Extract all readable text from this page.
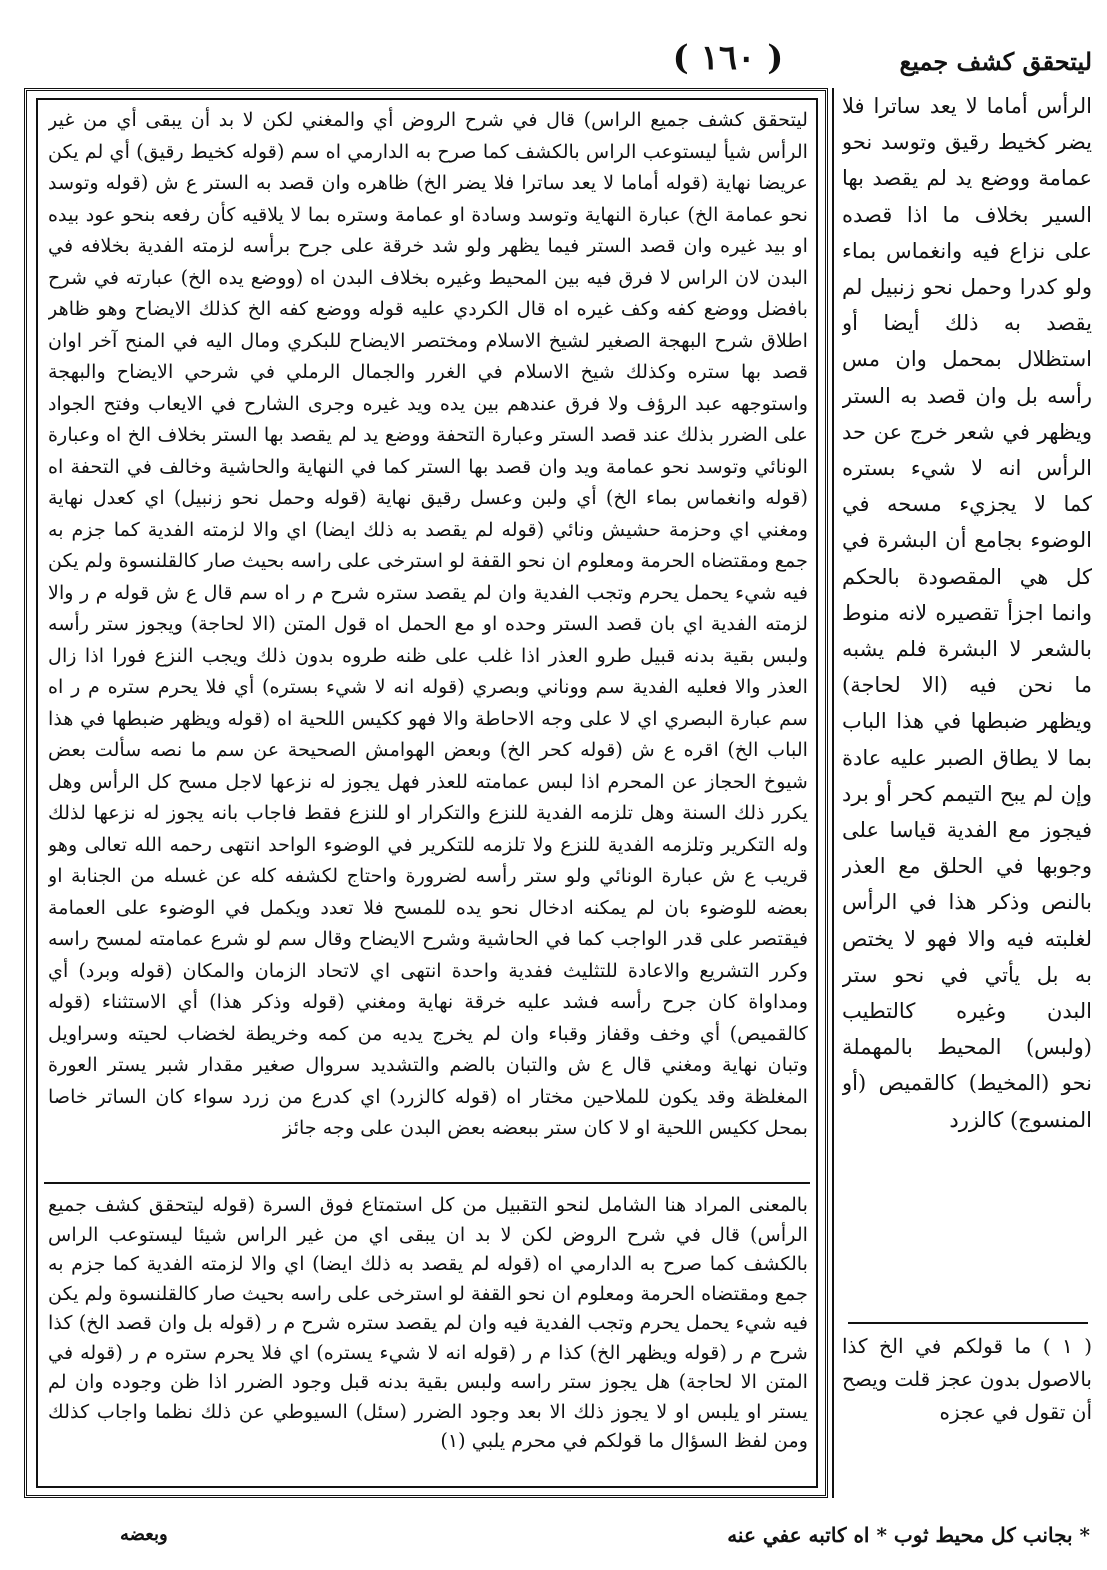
( ١٦٠ )	ليتحقق كشف جميع
ليتحقق كشف جميع الراس) قال في شرح الروض أي والمغني لكن لا بد أن يبقى أي من غير الرأس شيأ ليستوعب الراس بالكشف كما صرح به الدارمي اه سم (قوله كخيط رقيق) أي لم يكن عريضا نهاية (قوله أماما لا يعد ساترا فلا يضر الخ) ظاهره وان قصد به الستر ع ش (قوله وتوسد نحو عمامة الخ) عبارة النهاية وتوسد وسادة او عمامة وستره بما لا يلاقيه كأن رفعه بنحو عود بيده او بيد غيره وان قصد الستر فيما يظهر ولو شد خرقة على جرح برأسه لزمته الفدية بخلافه في البدن لان الراس لا فرق فيه بين المحيط وغيره بخلاف البدن اه (ووضع يده الخ) عبارته في شرح بافضل ووضع كفه وكف غيره اه قال الكردي عليه قوله ووضع كفه الخ كذلك الايضاح وهو ظاهر اطلاق شرح البهجة الصغير لشيخ الاسلام ومختصر الايضاح للبكري ومال اليه في المنح آخر اوان قصد بها ستره وكذلك شيخ الاسلام في الغرر والجمال الرملي في شرحي الايضاح والبهجة واستوجهه عبد الرؤف ولا فرق عندهم بين يده ويد غيره وجرى الشارح في الايعاب وفتح الجواد على الضرر بذلك عند قصد الستر وعبارة التحفة ووضع يد لم يقصد بها الستر بخلاف الخ اه وعبارة الونائي وتوسد نحو عمامة ويد وان قصد بها الستر كما في النهاية والحاشية وخالف في التحفة اه (قوله وانغماس بماء الخ) أي ولبن وعسل رقيق نهاية (قوله وحمل نحو زنبيل) اي كعدل نهاية ومغني اي وحزمة حشيش ونائي (قوله لم يقصد به ذلك ايضا) اي والا لزمته الفدية كما جزم به جمع ومقتضاه الحرمة ومعلوم ان نحو القفة لو استرخى على راسه بحيث صار كالقلنسوة ولم يكن فيه شيء يحمل يحرم وتجب الفدية وان لم يقصد ستره شرح م ر اه سم قال ع ش قوله م ر والا لزمته الفدية اي بان قصد الستر وحده او مع الحمل اه قول المتن (الا لحاجة) ويجوز ستر رأسه ولبس بقية بدنه قبيل طرو العذر اذا غلب على ظنه طروه بدون ذلك ويجب النزع فورا اذا زال العذر والا فعليه الفدية سم ووناني وبصري (قوله انه لا شيء بستره) أي فلا يحرم ستره م ر اه سم عبارة البصري اي لا على وجه الاحاطة والا فهو ككيس اللحية اه (قوله ويظهر ضبطها في هذا الباب الخ) اقره ع ش (قوله كحر الخ) وبعض الهوامش الصحيحة عن سم ما نصه سألت بعض شيوخ الحجاز عن المحرم اذا لبس عمامته للعذر فهل يجوز له نزعها لاجل مسح كل الرأس وهل يكرر ذلك السنة وهل تلزمه الفدية للنزع والتكرار او للنزع فقط فاجاب بانه يجوز له نزعها لذلك وله التكرير وتلزمه الفدية للنزع ولا تلزمه للتكرير في الوضوء الواحد انتهى رحمه الله تعالى وهو قريب ع ش عبارة الونائي ولو ستر رأسه لضرورة واحتاج لكشفه كله عن غسله من الجنابة او بعضه للوضوء بان لم يمكنه ادخال نحو يده للمسح فلا تعدد ويكمل في الوضوء على العمامة فيقتصر على قدر الواجب كما في الحاشية وشرح الايضاح وقال سم لو شرع عمامته لمسح راسه وكرر التشريع والاعادة للتثليث ففدية واحدة انتهى اي لاتحاد الزمان والمكان (قوله وبرد) أي ومداواة كان جرح رأسه فشد عليه خرقة نهاية ومغني (قوله وذكر هذا) أي الاستثناء (قوله كالقميص) أي وخف وقفاز وقباء وان لم يخرج يديه من كمه وخريطة لخضاب لحيته وسراويل وتبان نهاية ومغني قال ع ش والتبان بالضم والتشديد سروال صغير مقدار شبر يستر العورة المغلظة وقد يكون للملاحين مختار اه (قوله كالزرد) اي كدرع من زرد سواء كان الساتر خاصا بمحل ككيس اللحية او لا كان ستر ببعضه بعض البدن على وجه جائز
بالمعنى المراد هنا الشامل لنحو التقبيل من كل استمتاع فوق السرة (قوله ليتحقق كشف جميع الرأس) قال في شرح الروض لكن لا بد ان يبقى اي من غير الراس شيئا ليستوعب الراس بالكشف كما صرح به الدارمي اه (قوله لم يقصد به ذلك ايضا) اي والا لزمته الفدية كما جزم به جمع ومقتضاه الحرمة ومعلوم ان نحو القفة لو استرخى على راسه بحيث صار كالقلنسوة ولم يكن فيه شيء يحمل يحرم وتجب الفدية فيه وان لم يقصد ستره شرح م ر (قوله بل وان قصد الخ) كذا شرح م ر (قوله ويظهر الخ) كذا م ر (قوله انه لا شيء يستره) اي فلا يحرم ستره م ر (قوله في المتن الا لحاجة) هل يجوز ستر راسه ولبس بقية بدنه قبل وجود الضرر اذا ظن وجوده وان لم يستر او يلبس او لا يجوز ذلك الا بعد وجود الضرر (سئل) السيوطي عن ذلك نظما واجاب كذلك ومن لفظ السؤال ما قولكم في محرم يلبي (١)
الرأس أماما لا يعد ساترا فلا يضر كخيط رقيق وتوسد نحو عمامة ووضع يد لم يقصد بها السير بخلاف ما اذا قصده على نزاع فيه وانغماس بماء ولو كدرا وحمل نحو زنبيل لم يقصد به ذلك أيضا أو استظلال بمحمل وان مس رأسه بل وان قصد به الستر ويظهر في شعر خرج عن حد الرأس انه لا شيء بستره كما لا يجزيء مسحه في الوضوء بجامع أن البشرة في كل هي المقصودة بالحكم وانما اجزأ تقصيره لانه منوط بالشعر لا البشرة فلم يشبه ما نحن فيه (الا لحاجة) ويظهر ضبطها في هذا الباب بما لا يطاق الصبر عليه عادة وإن لم يبح التيمم كحر أو برد فيجوز مع الفدية قياسا على وجوبها في الحلق مع العذر بالنص وذكر هذا في الرأس لغلبته فيه والا فهو لا يختص به بل يأتي في نحو ستر البدن وغيره كالتطيب (ولبس) المحيط بالمهملة نحو (المخيط) كالقميص (أو المنسوج) كالزرد
( ١ ) ما قولكم في الخ كذا بالاصول بدون عجز قلت ويصح أن تقول في عجزه
* بجانب كل محيط ثوب * اه كاتبه عفي عنه
وبعضه
